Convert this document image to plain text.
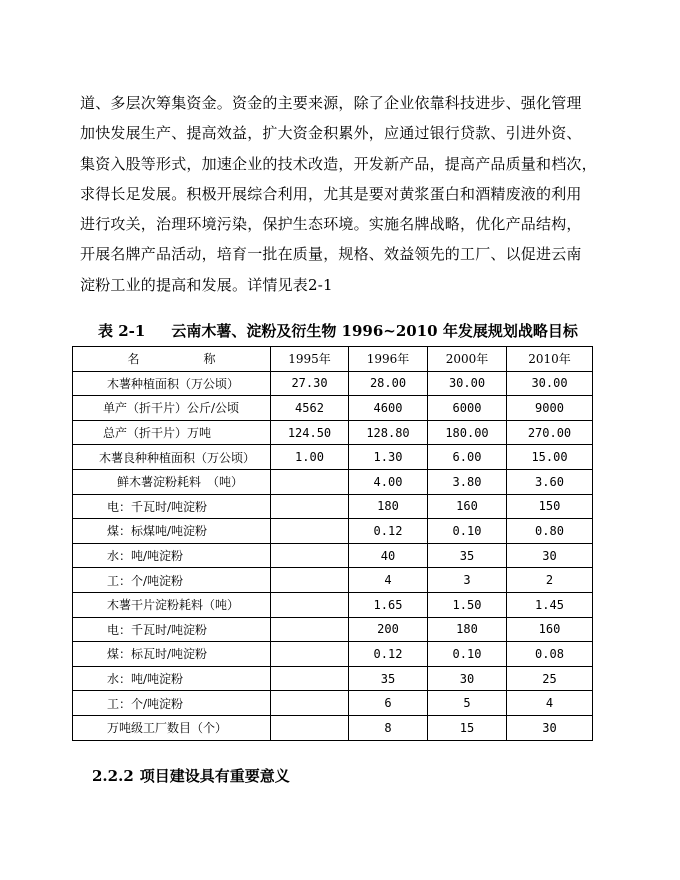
道、多层次筹集资金。资金的主要来源，除了企业依靠科技进步、强化管理
加快发展生产、提高效益，扩大资金积累外，应通过银行贷款、引进外资、
集资入股等形式，加速企业的技术改造，开发新产品，提高产品质量和档次，
求得长足发展。积极开展综合利用，尤其是要对黄浆蛋白和酒精废液的利用
进行攻关，治理环境污染，保护生态环境。实施名牌战略，优化产品结构，
开展名牌产品活动，培育一批在质量，规格、效益领先的工厂、以促进云南
淀粉工业的提高和发展。详情见表2-1
表 2-1 云南木薯、淀粉及衍生物 1996~2010 年发展规划战略目标
名 称	1995年	1996年	2000年	2010年
木薯种植面积（万公顷）	27.30	28.00	30.00	30.00
单产（折干片）公斤/公顷	4562	4600	6000	9000
总产（折干片）万吨	124.50	128.80	180.00	270.00
木薯良种种植面积（万公顷）	1.00	1.30	6.00	15.00
鲜木薯淀粉耗料　（吨）		4.00	3.80	3.60
电：千瓦时/吨淀粉		180	160	150
煤：标煤吨/吨淀粉		0.12	0.10	0.80
水：吨/吨淀粉		40	35	30
工：个/吨淀粉		4	3	2
木薯干片淀粉耗料（吨）		1.65	1.50	1.45
电：千瓦时/吨淀粉		200	180	160
煤：标瓦时/吨淀粉		0.12	0.10	0.08
水：吨/吨淀粉		35	30	25
工：个/吨淀粉		6	5	4
万吨级工厂数目（个）		8	15	30
2.2.2 项目建设具有重要意义
